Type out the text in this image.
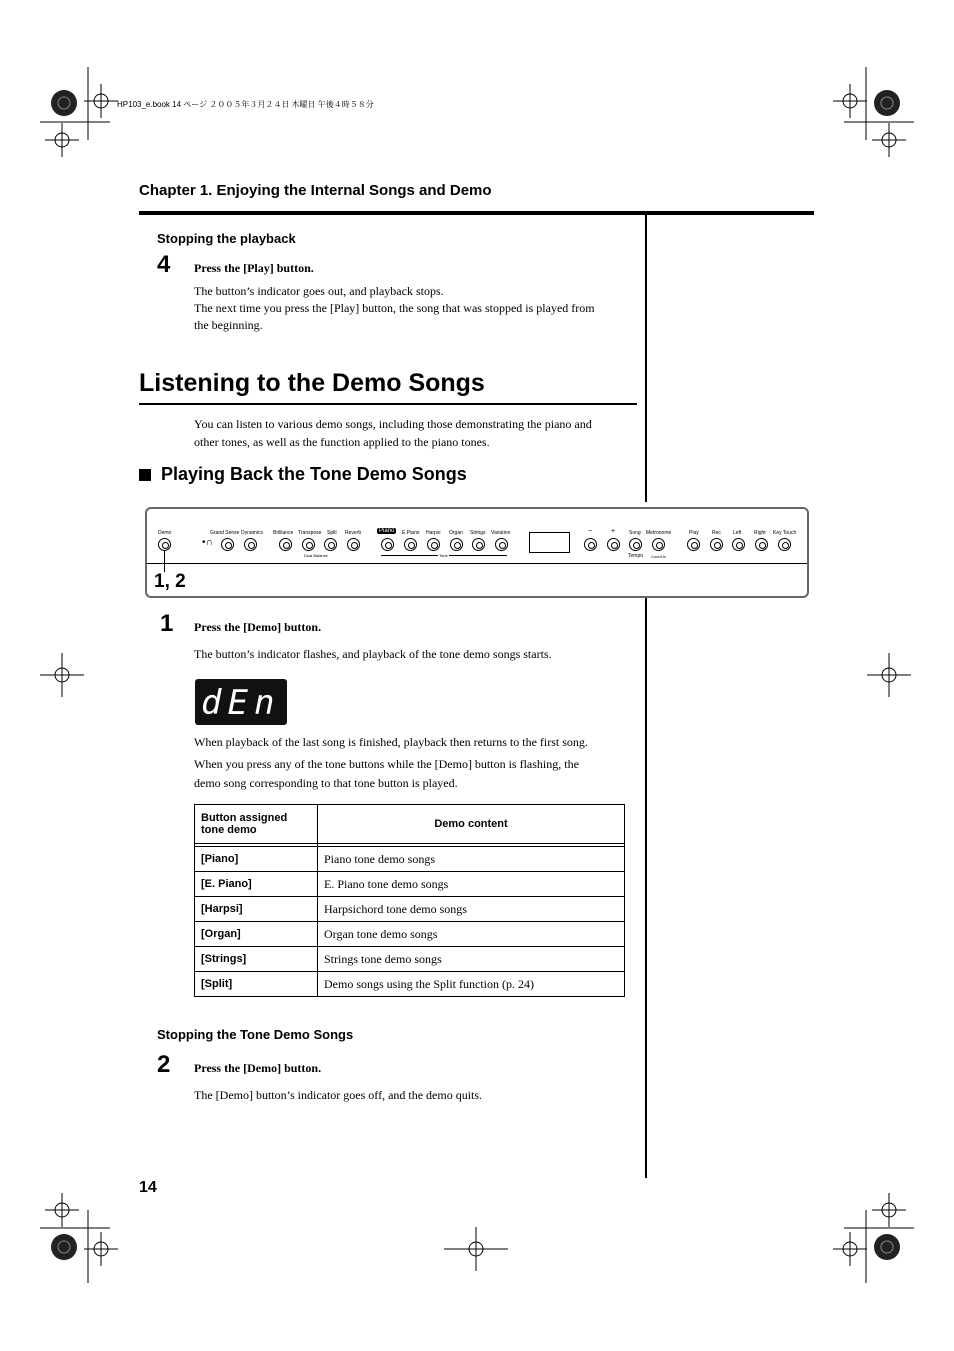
HP103_e.book 14 ページ ２００５年３月２４日 木曜日 午後４時５８分
Chapter 1. Enjoying the Internal Songs and Demo
Stopping the playback
4 Press the [Play] button.
The button’s indicator goes out, and playback stops.
The next time you press the [Play] button, the song that was stopped is played from
the beginning.
Listening to the Demo Songs
You can listen to various demo songs, including those demonstrating the piano and
other tones, as well as the function applied to the piano tones.
Playing Back the Tone Demo Songs
Demo	Grand Sense Dynamics Brilliance Transpose Split Reverb	Piano	E.Piano Harpsi Organ Strings Variation	−	+	Song Metronome	Play	Rec Left	Right Key Touch
•∩
Dual Balance	Tone	Tempo Count-In
1, 2
1 Press the [Demo] button.
The button’s indicator flashes, and playback of the tone demo songs starts.
dEn
When playback of the last song is finished, playback then returns to the first song.
When you press any of the tone buttons while the [Demo] button is flashing, the
demo song corresponding to that tone button is played.
Button assigned
tone demo	Demo content

[Piano]	Piano tone demo songs
[E. Piano]	E. Piano tone demo songs
[Harpsi]	Harpsichord tone demo songs
[Organ]	Organ tone demo songs
[Strings]	Strings tone demo songs
[Split]	Demo songs using the Split function (p. 24)
Stopping the Tone Demo Songs
2 Press the [Demo] button.
The [Demo] button’s indicator goes off, and the demo quits.
14
